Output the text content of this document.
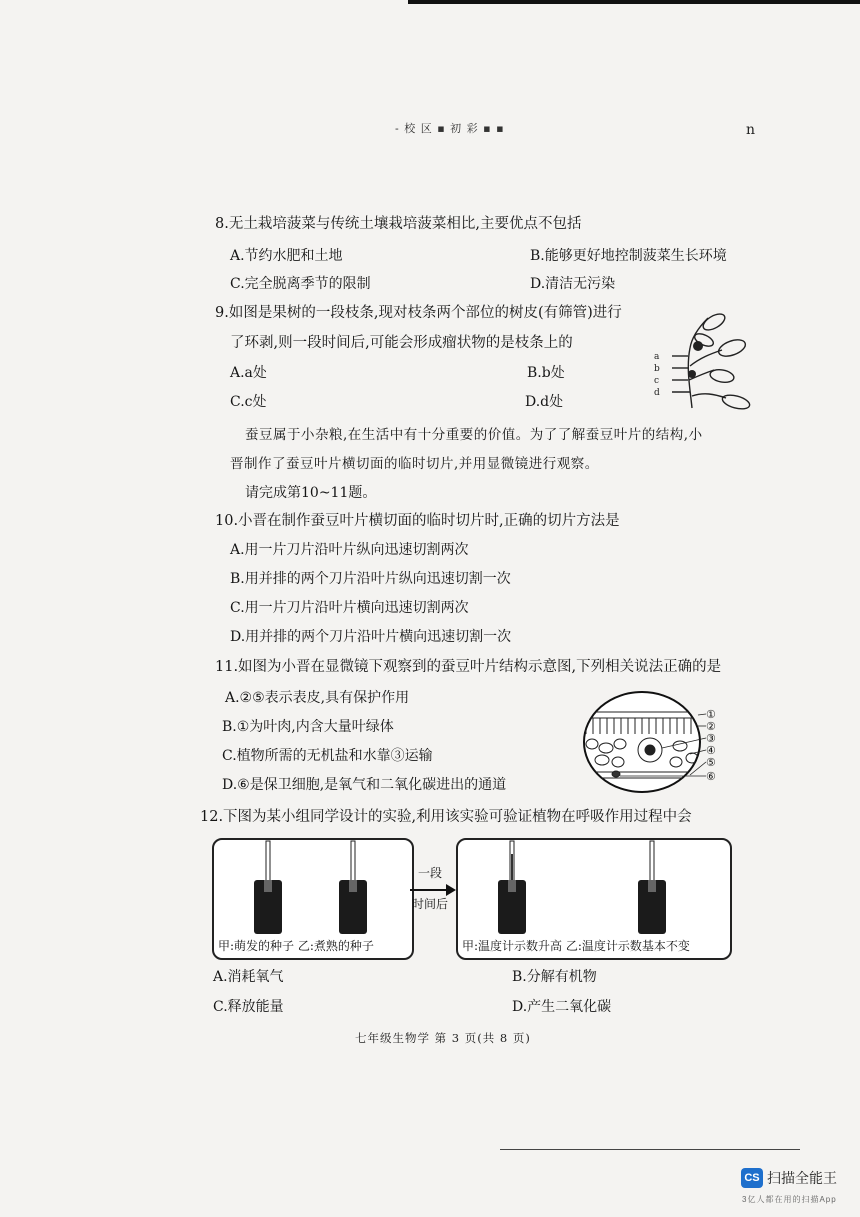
- 校 区 ▪ 初 彩 ▪ ▪	n
8.无土栽培菠菜与传统土壤栽培菠菜相比,主要优点不包括
A.节约水肥和土地	B.能够更好地控制菠菜生长环境
C.完全脱离季节的限制	D.清洁无污染
9.如图是果树的一段枝条,现对枝条两个部位的树皮(有筛管)进行
了环剥,则一段时间后,可能会形成瘤状物的是枝条上的
A.a处	B.b处
C.c处	D.d处
a
b
c
d
蚕豆属于小杂粮,在生活中有十分重要的价值。为了了解蚕豆叶片的结构,小
晋制作了蚕豆叶片横切面的临时切片,并用显微镜进行观察。
请完成第10~11题。
10.小晋在制作蚕豆叶片横切面的临时切片时,正确的切片方法是
A.用一片刀片沿叶片纵向迅速切割两次
B.用并排的两个刀片沿叶片纵向迅速切割一次
C.用一片刀片沿叶片横向迅速切割两次
D.用并排的两个刀片沿叶片横向迅速切割一次
11.如图为小晋在显微镜下观察到的蚕豆叶片结构示意图,下列相关说法正确的是
A.②⑤表示表皮,具有保护作用
B.①为叶肉,内含大量叶绿体
C.植物所需的无机盐和水靠③运输
D.⑥是保卫细胞,是氧气和二氧化碳进出的通道
①
②
③
④
⑤
⑥
12.下图为某小组同学设计的实验,利用该实验可验证植物在呼吸作用过程中会
甲:萌发的种子 乙:煮熟的种子
一段
时间后
甲:温度计示数升高 乙:温度计示数基本不变
A.消耗氧气	B.分解有机物
C.释放能量	D.产生二氧化碳
七年级生物学 第 3 页(共 8 页)
CS 扫描全能王
3亿人都在用的扫描App
